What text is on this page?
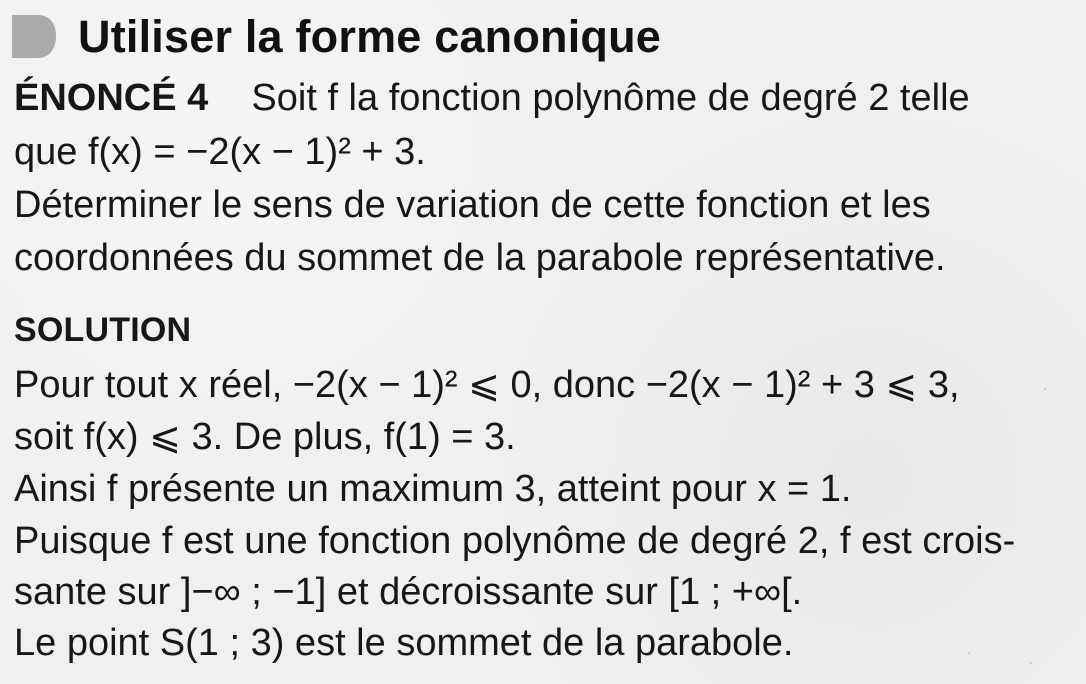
Utiliser la forme canonique
ÉNONCÉ 4 Soit f la fonction polynôme de degré 2 telle
que f(x) = −2(x − 1)² + 3.
Déterminer le sens de variation de cette fonction et les
coordonnées du sommet de la parabole représentative.
SOLUTION
Pour tout x réel, −2(x − 1)² ⩽ 0, donc −2(x − 1)² + 3 ⩽ 3,
soit f(x) ⩽ 3. De plus, f(1) = 3.
Ainsi f présente un maximum 3, atteint pour x = 1.
Puisque f est une fonction polynôme de degré 2, f est crois-
sante sur ]−∞ ; −1] et décroissante sur [1 ; +∞[.
Le point S(1 ; 3) est le sommet de la parabole.
